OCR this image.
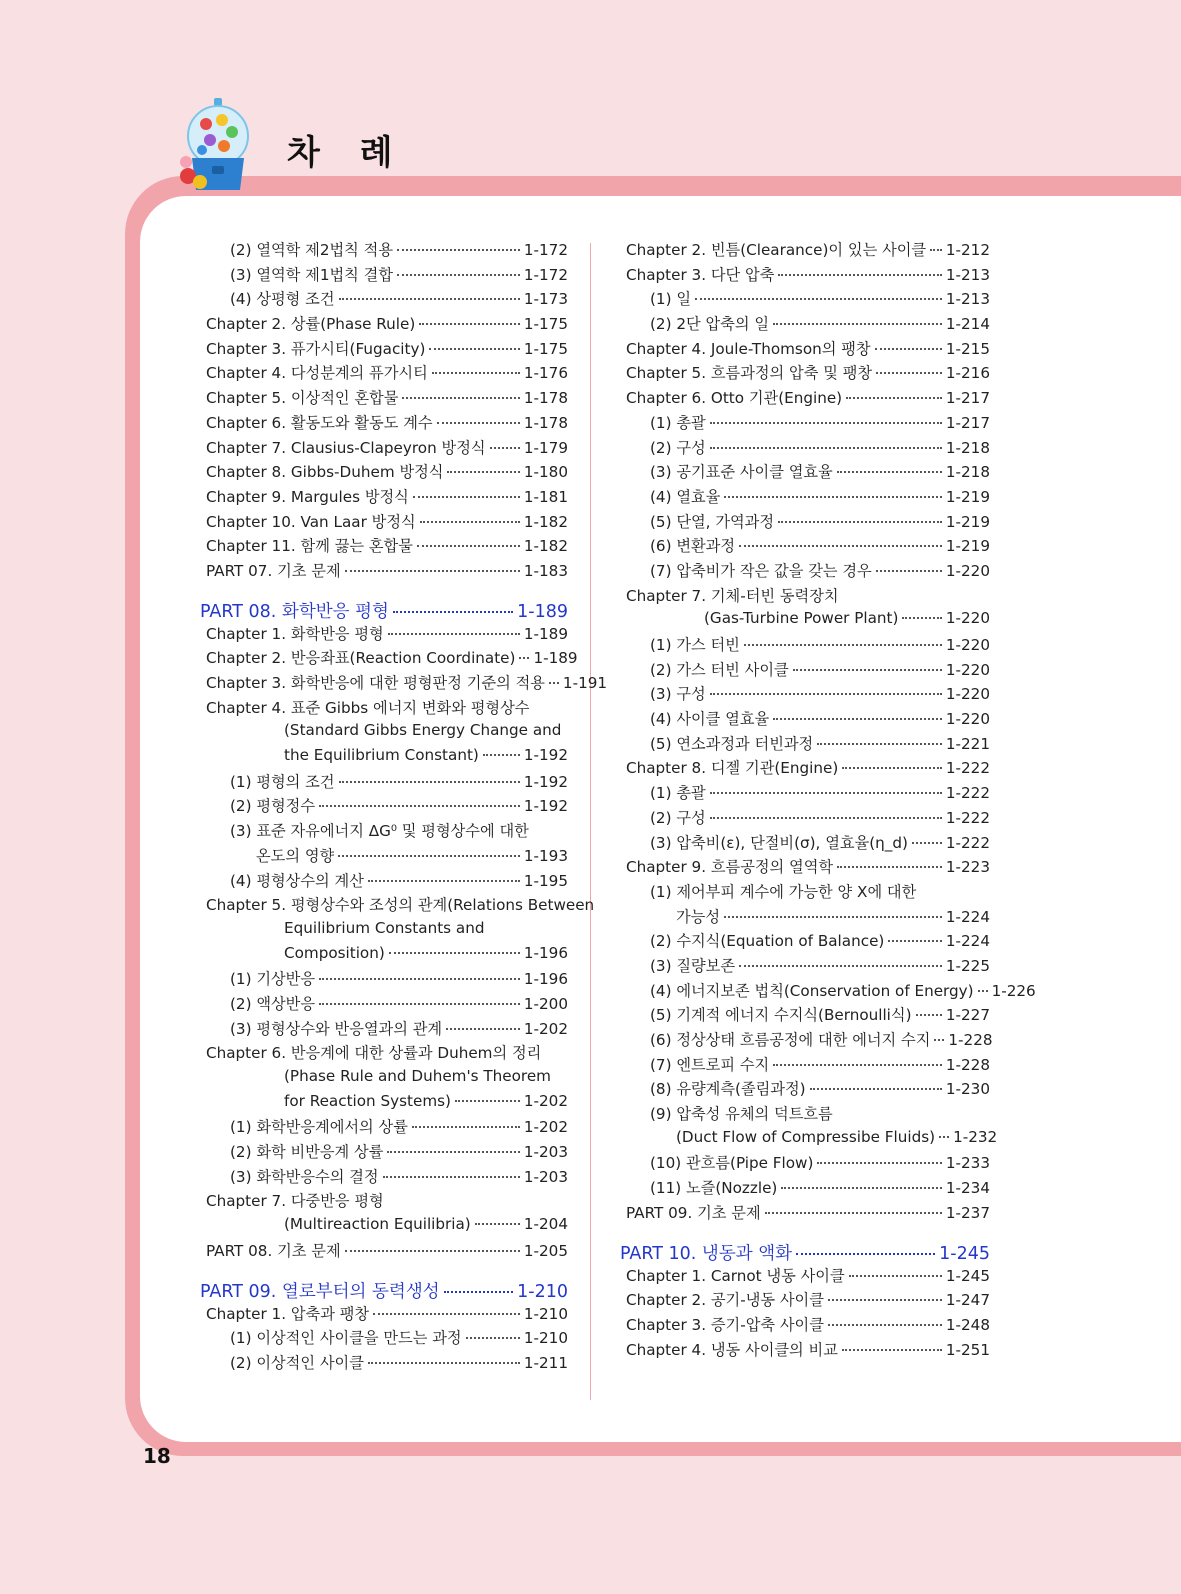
차 례
(2) 열역학 제2법칙 적용	1-172
(3) 열역학 제1법칙 결합	1-172
(4) 상평형 조건	1-173
Chapter 2. 상률(Phase Rule)	1-175
Chapter 3. 퓨가시티(Fugacity)	1-175
Chapter 4. 다성분계의 퓨가시티	1-176
Chapter 5. 이상적인 혼합물	1-178
Chapter 6. 활동도와 활동도 계수	1-178
Chapter 7. Clausius-Clapeyron 방정식	1-179
Chapter 8. Gibbs-Duhem 방정식	1-180
Chapter 9. Margules 방정식	1-181
Chapter 10. Van Laar 방정식	1-182
Chapter 11. 함께 끓는 혼합물	1-182
PART 07. 기초 문제	1-183
PART 08. 화학반응 평형	1-189
Chapter 1. 화학반응 평형	1-189
Chapter 2. 반응좌표(Reaction Coordinate) 1-189
Chapter 3. 화학반응에 대한 평형판정 기준의 적용 1-191
Chapter 4. 표준 Gibbs 에너지 변화와 평형상수
(Standard Gibbs Energy Change and
the Equilibrium Constant)	1-192
(1) 평형의 조건	1-192
(2) 평형정수	1-192
(3) 표준 자유에너지 ΔG⁰ 및 평형상수에 대한
온도의 영향	1-193
(4) 평형상수의 계산	1-195
Chapter 5. 평형상수와 조성의 관계(Relations Between
Equilibrium Constants and
Composition)	1-196
(1) 기상반응	1-196
(2) 액상반응	1-200
(3) 평형상수와 반응열과의 관계	1-202
Chapter 6. 반응계에 대한 상률과 Duhem의 정리
(Phase Rule and Duhem's Theorem
for Reaction Systems)	1-202
(1) 화학반응계에서의 상률	1-202
(2) 화학 비반응계 상률	1-203
(3) 화학반응수의 결정	1-203
Chapter 7. 다중반응 평형
(Multireaction Equilibria)	1-204
PART 08. 기초 문제	1-205
PART 09. 열로부터의 동력생성	1-210
Chapter 1. 압축과 팽창	1-210
(1) 이상적인 사이클을 만드는 과정	1-210
(2) 이상적인 사이클	1-211
Chapter 2. 빈틈(Clearance)이 있는 사이클 1-212
Chapter 3. 다단 압축	1-213
(1) 일	1-213
(2) 2단 압축의 일	1-214
Chapter 4. Joule-Thomson의 팽창	1-215
Chapter 5. 흐름과정의 압축 및 팽창	1-216
Chapter 6. Otto 기관(Engine)	1-217
(1) 총괄	1-217
(2) 구성	1-218
(3) 공기표준 사이클 열효율	1-218
(4) 열효율	1-219
(5) 단열, 가역과정	1-219
(6) 변환과정	1-219
(7) 압축비가 작은 값을 갖는 경우	1-220
Chapter 7. 기체-터빈 동력장치
(Gas-Turbine Power Plant)	1-220
(1) 가스 터빈	1-220
(2) 가스 터빈 사이클	1-220
(3) 구성	1-220
(4) 사이클 열효율	1-220
(5) 연소과정과 터빈과정	1-221
Chapter 8. 디젤 기관(Engine)	1-222
(1) 총괄	1-222
(2) 구성	1-222
(3) 압축비(ε), 단절비(σ), 열효율(η_d) 1-222
Chapter 9. 흐름공정의 열역학	1-223
(1) 제어부피 계수에 가능한 양 X에 대한
가능성	1-224
(2) 수지식(Equation of Balance)	1-224
(3) 질량보존	1-225
(4) 에너지보존 법칙(Conservation of Energy) 1-226
(5) 기계적 에너지 수지식(Bernoulli식) 1-227
(6) 정상상태 흐름공정에 대한 에너지 수지 1-228
(7) 엔트로피 수지	1-228
(8) 유량계측(졸림과정)	1-230
(9) 압축성 유체의 덕트흐름
(Duct Flow of Compressibe Fluids) 1-232
(10) 관흐름(Pipe Flow)	1-233
(11) 노즐(Nozzle)	1-234
PART 09. 기초 문제	1-237
PART 10. 냉동과 액화	1-245
Chapter 1. Carnot 냉동 사이클	1-245
Chapter 2. 공기-냉동 사이클	1-247
Chapter 3. 증기-압축 사이클	1-248
Chapter 4. 냉동 사이클의 비교	1-251
18
